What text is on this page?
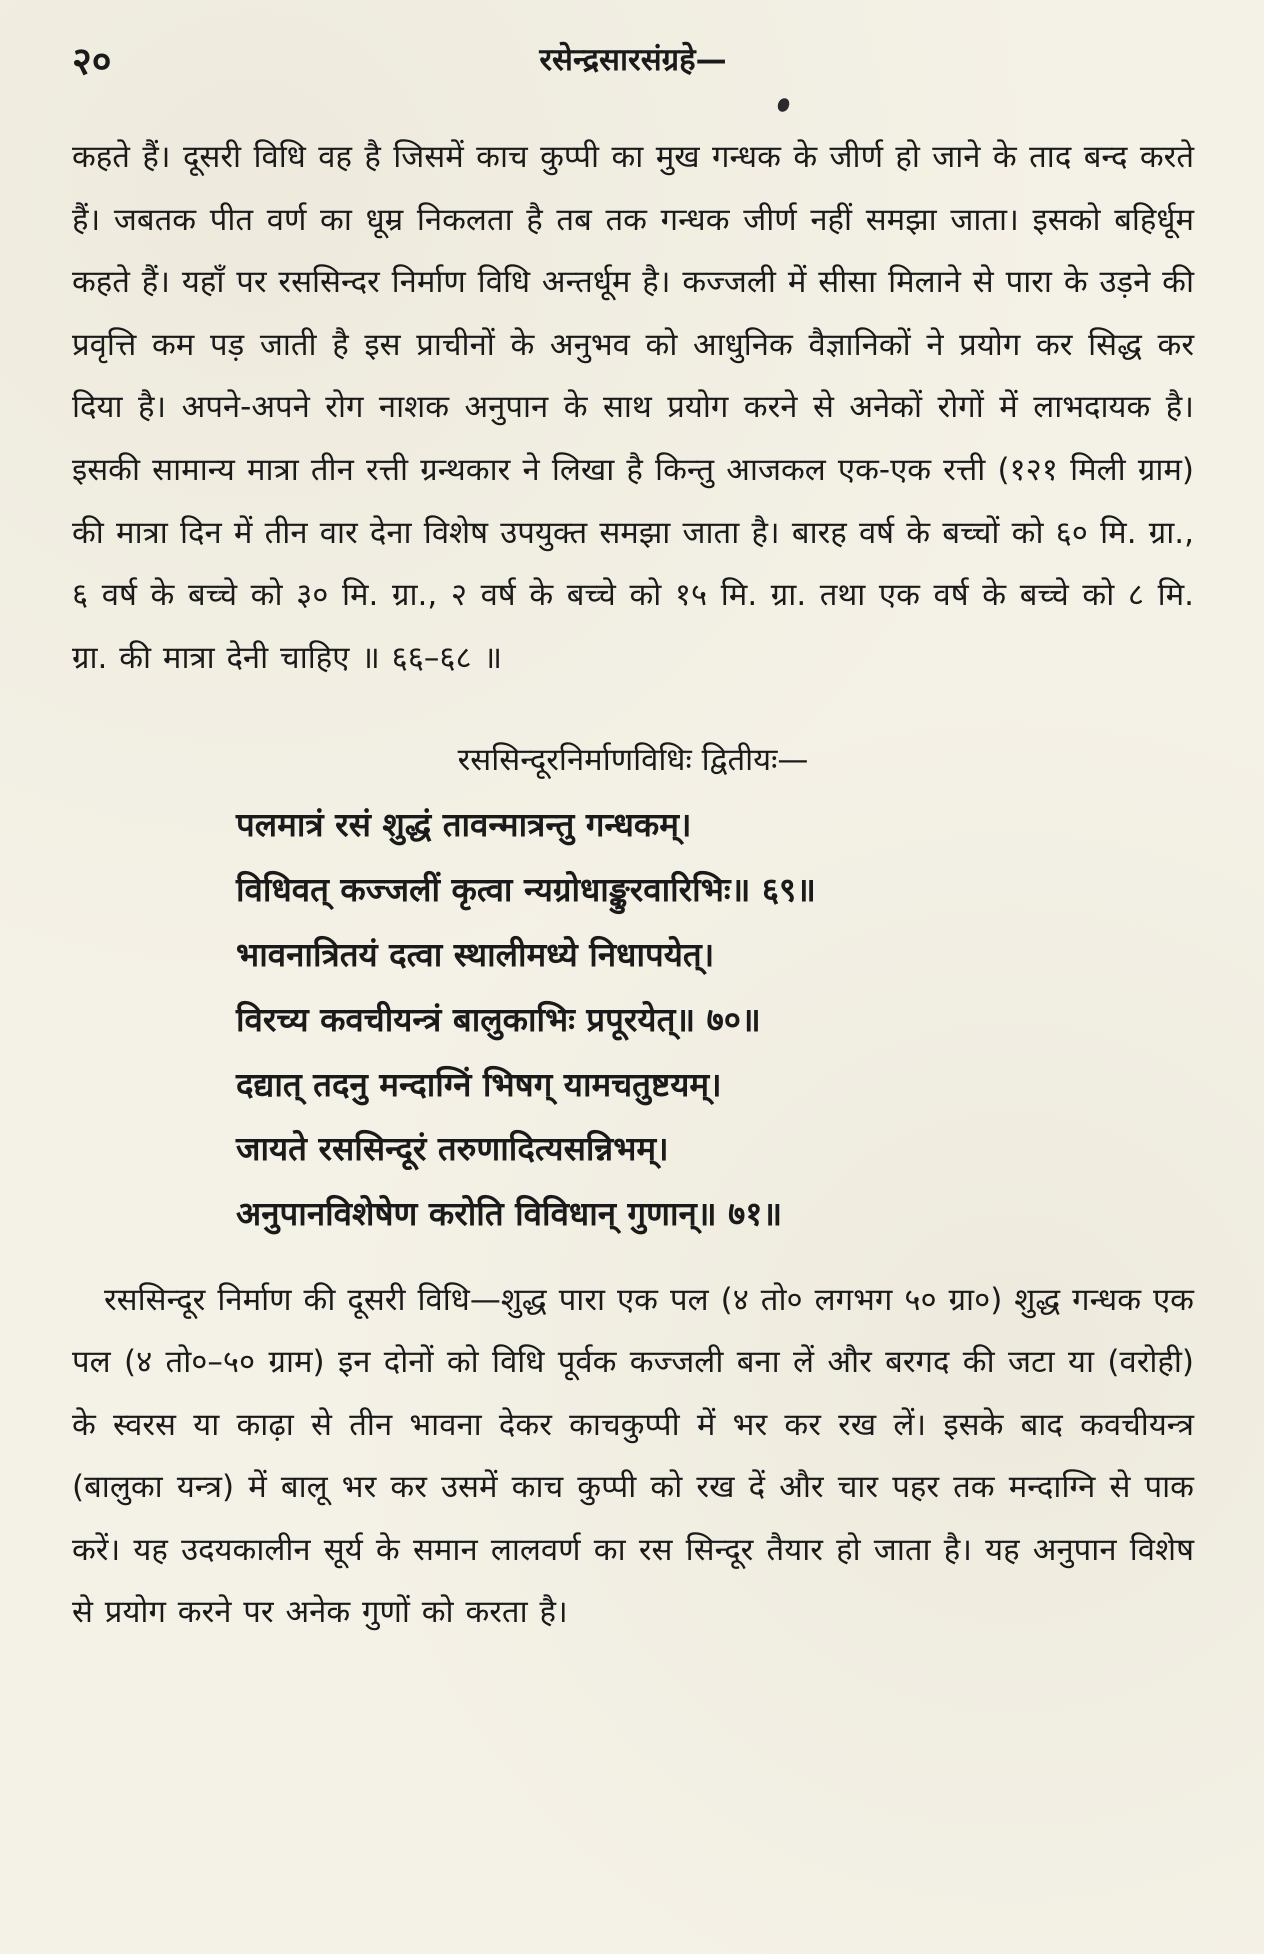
२०	रसेन्द्रसारसंग्रहे—

कहते हैं। दूसरी विधि वह है जिसमें काच कुप्पी का मुख गन्धक के जीर्ण हो जाने के ताद बन्द करते हैं। जबतक पीत वर्ण का धूम्र निकलता है तब तक गन्धक जीर्ण नहीं समझा जाता। इसको बहिर्धूम कहते हैं। यहाँ पर रससिन्दर निर्माण विधि अन्तर्धूम है। कज्जली में सीसा मिलाने से पारा के उड़ने की प्रवृत्ति कम पड़ जाती है इस प्राचीनों के अनुभव को आधुनिक वैज्ञानिकों ने प्रयोग कर सिद्ध कर दिया है। अपने-अपने रोग नाशक अनुपान के साथ प्रयोग करने से अनेकों रोगों में लाभदायक है। इसकी सामान्य मात्रा तीन रत्ती ग्रन्थकार ने लिखा है किन्तु आजकल एक-एक रत्ती (१२१ मिली ग्राम) की मात्रा दिन में तीन वार देना विशेष उपयुक्त समझा जाता है। बारह वर्ष के बच्चों को ६० मि. ग्रा., ६ वर्ष के बच्चे को ३० मि. ग्रा., २ वर्ष के बच्चे को १५ मि. ग्रा. तथा एक वर्ष के बच्चे को ८ मि. ग्रा. की मात्रा देनी चाहिए ॥ ६६–६८ ॥

रससिन्दूरनिर्माणविधिः द्वितीयः—
पलमात्रं रसं शुद्धं तावन्मात्रन्तु गन्धकम्।
विधिवत् कज्जलीं कृत्वा न्यग्रोधाङ्कुरवारिभिः॥ ६९॥
भावनात्रितयं दत्वा स्थालीमध्ये निधापयेत्।
विरच्य कवचीयन्त्रं बालुकाभिः प्रपूरयेत्॥ ७०॥
दद्यात् तदनु मन्दाग्निं भिषग् यामचतुष्टयम्।
जायते रससिन्दूरं तरुणादित्यसन्निभम्।
अनुपानविशेषेण करोति विविधान् गुणान्॥ ७१॥

रससिन्दूर निर्माण की दूसरी विधि—शुद्ध पारा एक पल (४ तो० लगभग ५० ग्रा०) शुद्ध गन्धक एक पल (४ तो०–५० ग्राम) इन दोनों को विधि पूर्वक कज्जली बना लें और बरगद की जटा या (वरोही) के स्वरस या काढ़ा से तीन भावना देकर काचकुप्पी में भर कर रख लें। इसके बाद कवचीयन्त्र (बालुका यन्त्र) में बालू भर कर उसमें काच कुप्पी को रख दें और चार पहर तक मन्दाग्नि से पाक करें। यह उदयकालीन सूर्य के समान लालवर्ण का रस सिन्दूर तैयार हो जाता है। यह अनुपान विशेष से प्रयोग करने पर अनेक गुणों को करता है।
